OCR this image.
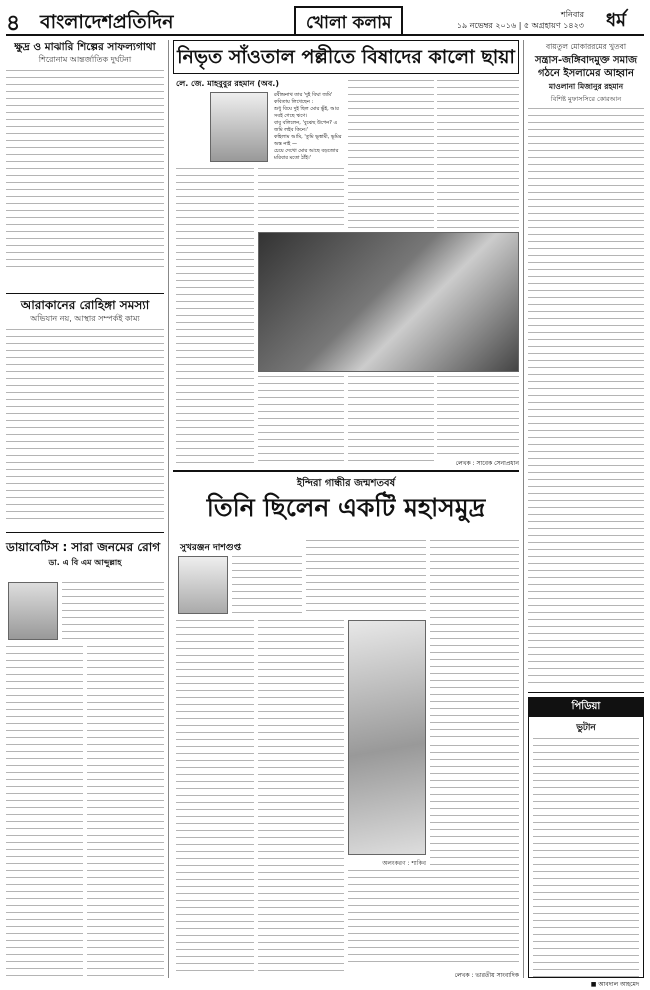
৪ বাংলাদেশপ্রতিদিন	খোলা কলাম	শনিবার
১৯ নভেম্বর ২০১৬ | ৫ অগ্রহায়ণ ১৪২৩	ধর্ম
ক্ষুদ্র ও মাঝারি শিল্পের সাফল্যগাথা
শিরোনাম আন্তর্জাতিক দুর্ঘটনা
আরাকানের রোহিঙ্গা সমস্যা
অভিযান নয়, আস্থার সম্পর্কই কাম্য
ডায়াবেটিস : সারা জনমের রোগ
ডা. এ বি এম আব্দুল্লাহ
নিভৃত সাঁওতাল পল্লীতে বিষাদের কালো ছায়া
লে. জে. মাহবুবুর রহমান (অব.)
রবীন্দ্রনাথ তার 'দুই বিঘা জমি' কবিতায় লিখেছেন :
শুধু বিঘে দুই ছিল মোর ভুঁই, আর সবই গেছে ঋণে।
বাবু বলিলেন, 'বুঝেছ উপেন? এ জমি লইব কিনে।'
কহিলাম আমি, 'তুমি ভূস্বামী, ভূমির অন্ত নাই —
চেয়ে দেখো মোর আছে বড়জোর মরিবার মতো ঠাঁই।'
লেখক : সাবেক সেনাপ্রধান
ইন্দিরা গান্ধীর জন্মশতবর্ষ
তিনি ছিলেন একটি মহাসমুদ্র
সুখরঞ্জন দাশগুপ্ত
অলংকরণ : শাকিব
লেখক : ভারতীয় সাংবাদিক
বায়তুল মোকাররমের খুতবা
সন্ত্রাস-জঙ্গিবাদমুক্ত সমাজ গঠনে ইসলামের আহ্বান
মাওলানা মিজানুর রহমান
বিশিষ্ট মুফাসসিরে কোরআন
পিডিয়া
ভুটান
■ আবদাল আহমেদ
